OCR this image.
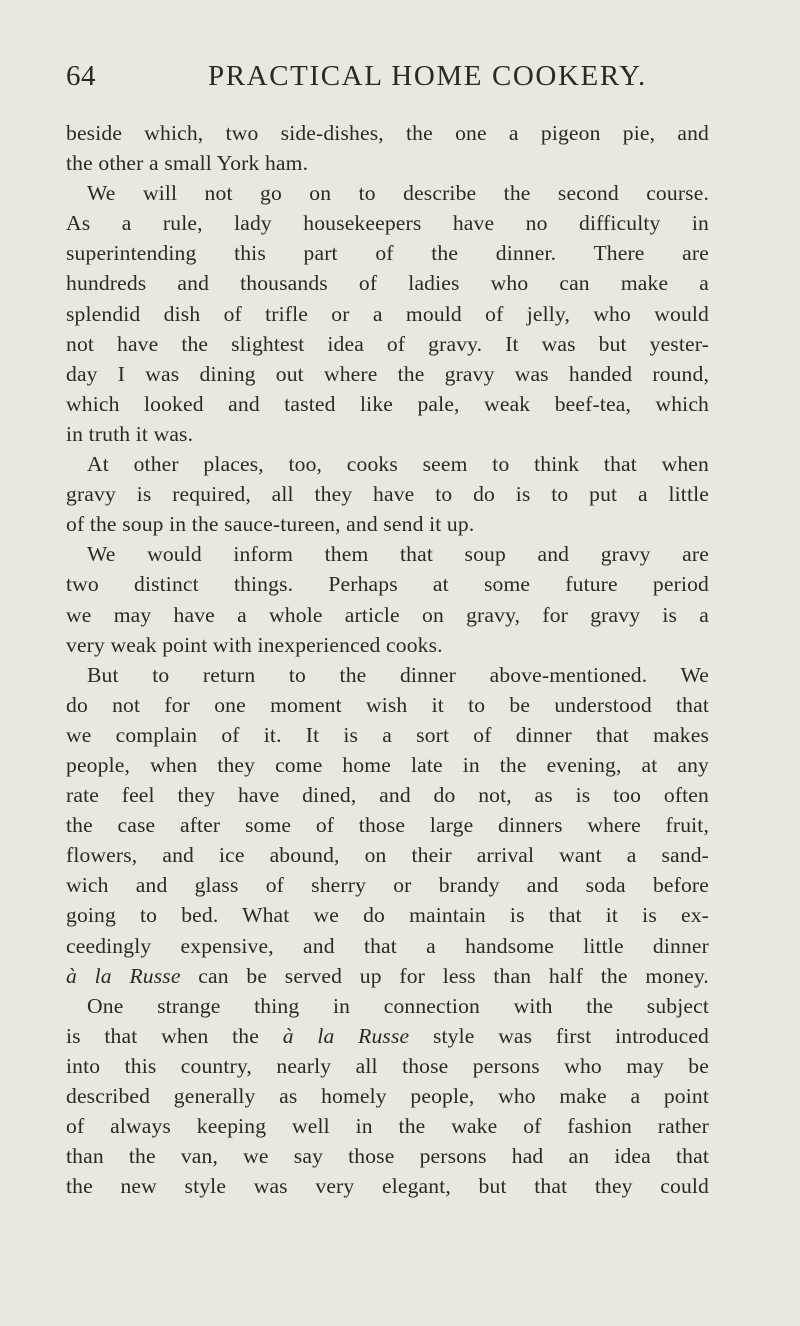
64	PRACTICAL HOME COOKERY.
beside which, two side-dishes, the one a pigeon pie, and
the other a small York ham.
We will not go on to describe the second course.
As a rule, lady housekeepers have no difficulty in
superintending this part of the dinner. There are
hundreds and thousands of ladies who can make a
splendid dish of trifle or a mould of jelly, who would
not have the slightest idea of gravy. It was but yester-
day I was dining out where the gravy was handed round,
which looked and tasted like pale, weak beef-tea, which
in truth it was.
At other places, too, cooks seem to think that when
gravy is required, all they have to do is to put a little
of the soup in the sauce-tureen, and send it up.
We would inform them that soup and gravy are
two distinct things. Perhaps at some future period
we may have a whole article on gravy, for gravy is a
very weak point with inexperienced cooks.
But to return to the dinner above-mentioned. We
do not for one moment wish it to be understood that
we complain of it. It is a sort of dinner that makes
people, when they come home late in the evening, at any
rate feel they have dined, and do not, as is too often
the case after some of those large dinners where fruit,
flowers, and ice abound, on their arrival want a sand-
wich and glass of sherry or brandy and soda before
going to bed. What we do maintain is that it is ex-
ceedingly expensive, and that a handsome little dinner
à la Russe can be served up for less than half the money.
One strange thing in connection with the subject
is that when the à la Russe style was first introduced
into this country, nearly all those persons who may be
described generally as homely people, who make a point
of always keeping well in the wake of fashion rather
than the van, we say those persons had an idea that
the new style was very elegant, but that they could
